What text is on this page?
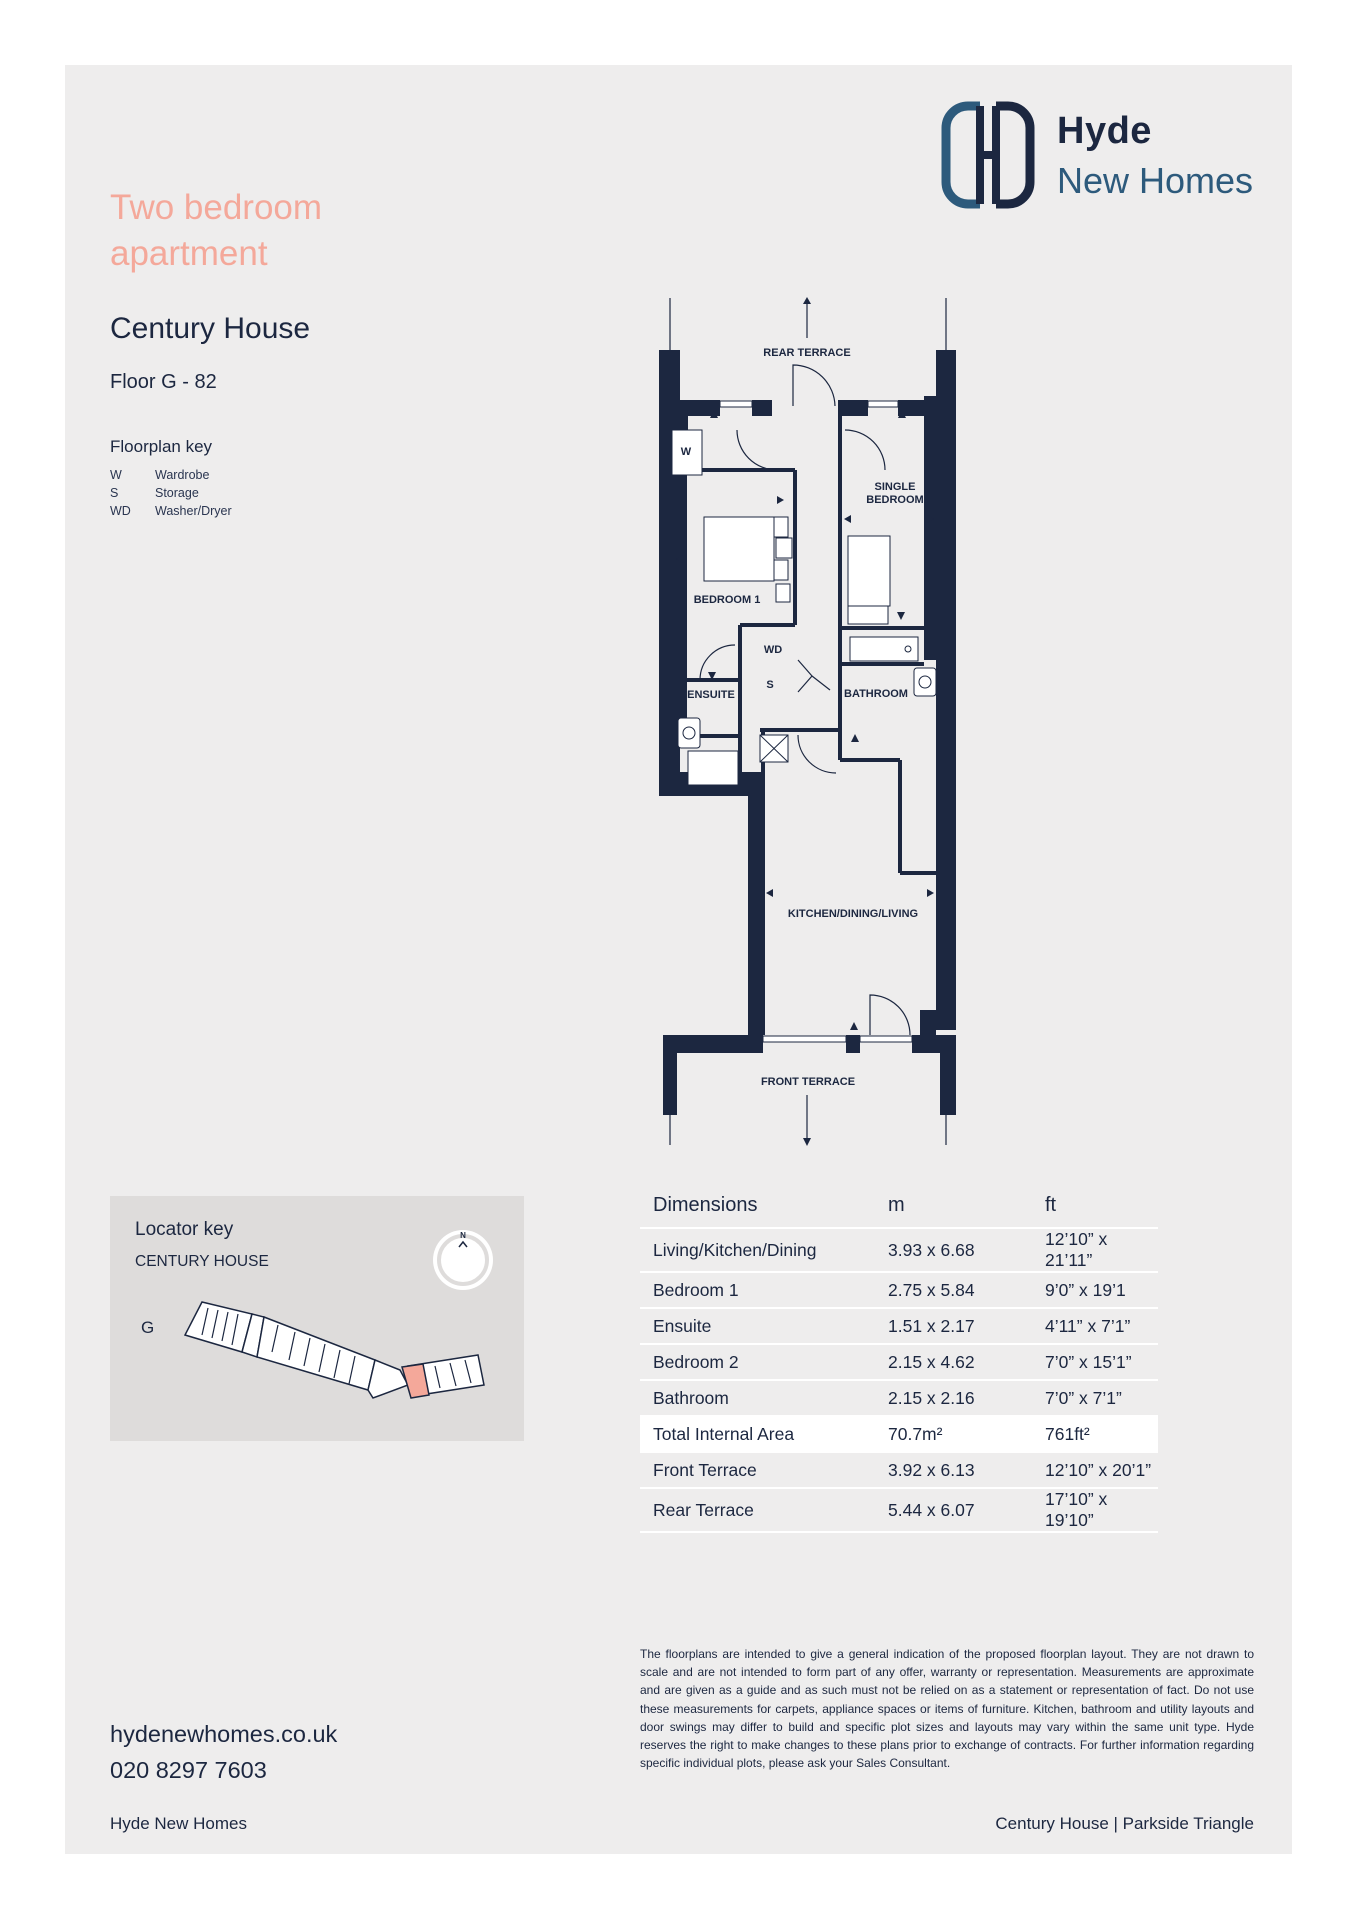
Two bedroom apartment
Century House
Floor G - 82
Floorplan key
W	Wardrobe
S	Storage
WD	Washer/Dryer
Hyde
New Homes
REAR TERRACE
SINGLE
BEDROOM
BEDROOM 1
ENSUITE	BATHROOM
KITCHEN/DINING/LIVING
FRONT TERRACE
W
S
WD
Locator key
CENTURY HOUSE
G
N
Dimensions	m	ft
Living/Kitchen/Dining	3.93 x 6.68	12’10” x 21’11”
Bedroom 1	2.75 x 5.84	9’0” x 19’1
Ensuite	1.51 x 2.17	4’11” x 7’1”
Bedroom 2	2.15 x 4.62	7’0” x 15’1”
Bathroom	2.15 x 2.16	7’0” x 7’1”
Total Internal Area	70.7m²	761ft²
Front Terrace	3.92 x 6.13	12’10” x 20’1”
Rear Terrace	5.44 x 6.07	17’10” x 19’10”
The floorplans are intended to give a general indication of the proposed floorplan layout. They are not drawn to scale and are not intended to form part of any offer, warranty or representation. Measurements are approximate and are given as a guide and as such must not be relied on as a statement or representation of fact. Do not use these measurements for carpets, appliance spaces or items of furniture. Kitchen, bathroom and utility layouts and door swings may differ to build and specific plot sizes and layouts may vary within the same unit type. Hyde reserves the right to make changes to these plans prior to exchange of contracts. For further information regarding specific individual plots, please ask your Sales Consultant.
hydenewhomes.co.uk
020 8297 7603
Hyde New Homes	Century House | Parkside Triangle
